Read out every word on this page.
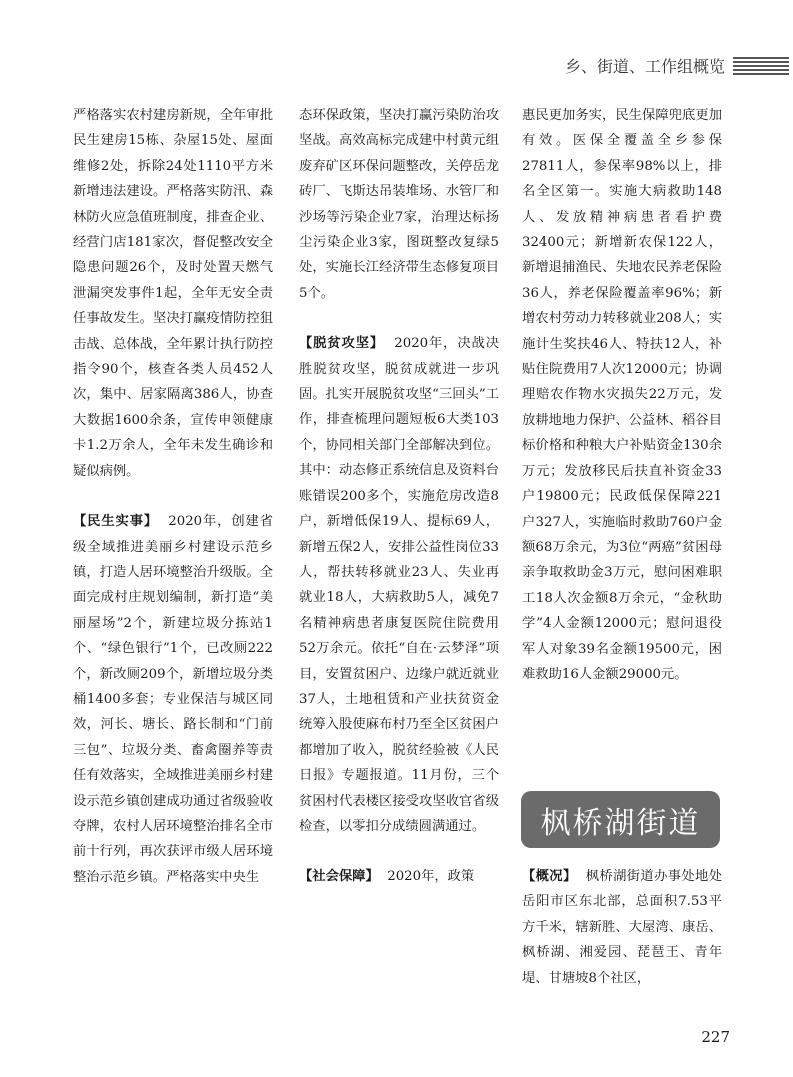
乡、街道、工作组概览

严格落实农村建房新规，全年审批民生建房15栋、杂屋15处、屋面维修2处，拆除24处1110平方米新增违法建设。严格落实防汛、森林防火应急值班制度，排查企业、经营门店181家次，督促整改安全隐患问题26个，及时处置天燃气泄漏突发事件1起，全年无安全责任事故发生。坚决打赢疫情防控狙击战、总体战，全年累计执行防控指令90个，核查各类人员452人次，集中、居家隔离386人，协查大数据1600余条，宣传申领健康卡1.2万余人，全年未发生确诊和疑似病例。

【民生实事】 2020年，创建省级全域推进美丽乡村建设示范乡镇，打造人居环境整治升级版。全面完成村庄规划编制，新打造“美丽屋场”2个，新建垃圾分拣站1个、“绿色银行”1个，已改厕222个，新改厕209个，新增垃圾分类桶1400多套；专业保洁与城区同效，河长、塘长、路长制和“门前三包”、垃圾分类、畜禽圈养等责任有效落实，全域推进美丽乡村建设示范乡镇创建成功通过省级验收夺牌，农村人居环境整治排名全市前十行列，再次获评市级人居环境整治示范乡镇。严格落实中央生

态环保政策，坚决打赢污染防治攻坚战。高效高标完成建中村黄元组废弃矿区环保问题整改，关停岳龙砖厂、飞斯达吊装堆场、水管厂和沙场等污染企业7家，治理达标扬尘污染企业3家，图斑整改复绿5处，实施长江经济带生态修复项目5个。

【脱贫攻坚】 2020年，决战决胜脱贫攻坚，脱贫成就进一步巩固。扎实开展脱贫攻坚“三回头”工作，排查梳理问题短板6大类103个，协同相关部门全部解决到位。其中：动态修正系统信息及资料台账错误200多个，实施危房改造8户，新增低保19人、提标69人，新增五保2人，安排公益性岗位33人，帮扶转移就业23人、失业再就业18人，大病救助5人，减免7名精神病患者康复医院住院费用52万余元。依托“自在·云梦泽”项目，安置贫困户、边缘户就近就业37人，土地租赁和产业扶贫资金统筹入股使麻布村乃至全区贫困户都增加了收入，脱贫经验被《人民日报》专题报道。11月份，三个贫困村代表楼区接受攻坚收官省级检查，以零扣分成绩圆满通过。

【社会保障】 2020年，政策

惠民更加务实，民生保障兜底更加有效。医保全覆盖全乡参保27811人，参保率98%以上，排名全区第一。实施大病救助148人、发放精神病患者看护费32400元；新增新农保122人，新增退捕渔民、失地农民养老保险36人，养老保险覆盖率96%；新增农村劳动力转移就业208人；实施计生奖扶46人、特扶12人，补贴住院费用7人次12000元；协调理赔农作物水灾损失22万元，发放耕地地力保护、公益林、稻谷目标价格和种粮大户补贴资金130余万元；发放移民后扶直补资金33户19800元；民政低保保障221户327人，实施临时救助760户金额68万余元，为3位“两癌”贫困母亲争取救助金3万元，慰问困难职工18人次金额8万余元，“金秋助学”4人金额12000元；慰问退役军人对象39名金额19500元，困难救助16人金额29000元。

枫桥湖街道

【概况】 枫桥湖街道办事处地处岳阳市区东北部，总面积7.53平方千米，辖新胜、大屋湾、康岳、枫桥湖、湘爱园、琵琶王、青年堤、甘塘坡8个社区，

227
